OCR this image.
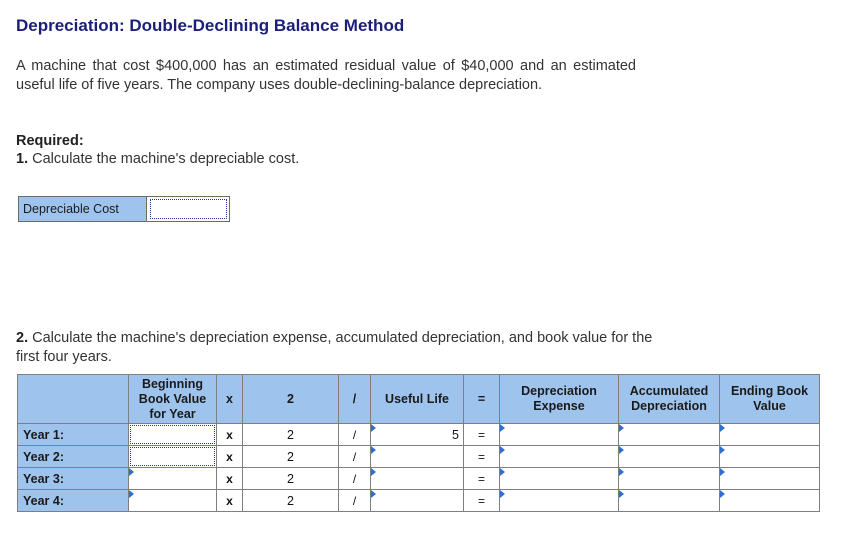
Depreciation: Double-Declining Balance Method
A machine that cost $400,000 has an estimated residual value of $40,000 and an estimated useful life of five years. The company uses double-declining-balance depreciation.
Required:
1. Calculate the machine's depreciable cost.
Depreciable Cost
2. Calculate the machine's depreciation expense, accumulated depreciation, and book value for the first four years.
	Beginning Book Value for Year	x	2	/	Useful Life	=	Depreciation Expense	Accumulated Depreciation	Ending Book Value
Year 1:		x	2	/	5	=	

Year 2:		x	2	/		=	

Year 3:		x	2	/		=	

Year 4:		x	2	/		=	
